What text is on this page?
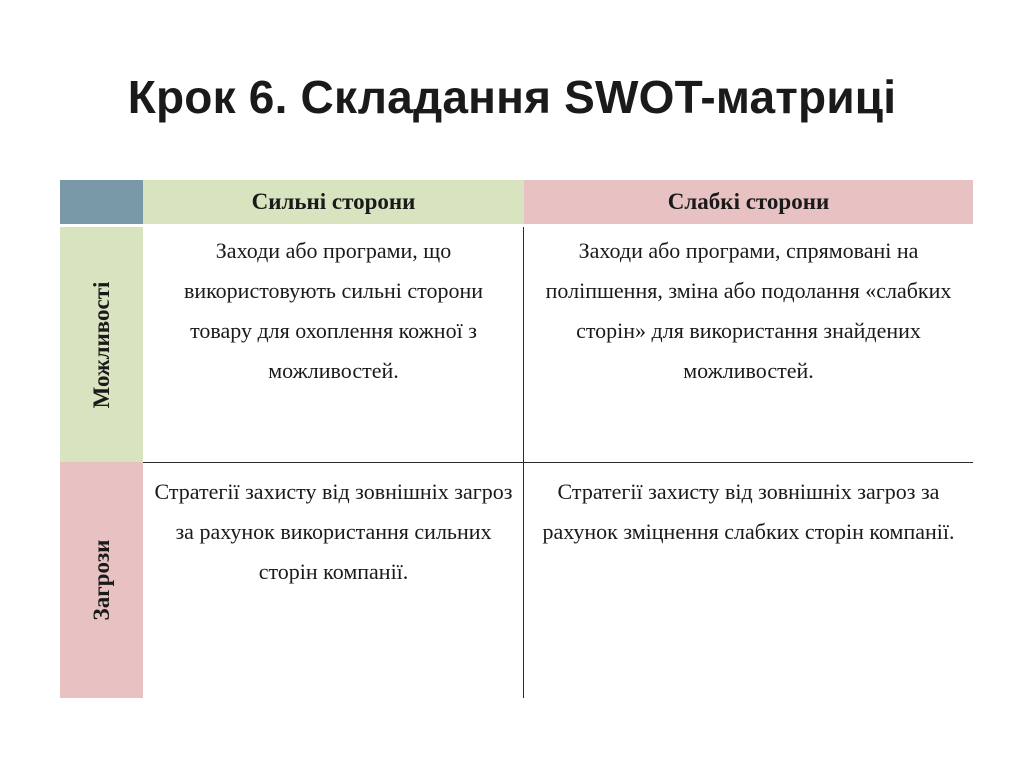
Крок 6. Складання SWOT-матриці
Сильні сторони	Слабкі сторони
Можливості
Загрози
Заходи або програми, що використовують сильні сторони товару для охоплення кожної з можливостей.
Заходи або програми, спрямовані на поліпшення, зміна або подолання «слабких сторін» для використання знайдених можливостей.
Стратегії захисту від зовнішніх загроз за рахунок використання сильних сторін компанії.
Стратегії захисту від зовнішніх загроз за рахунок зміцнення слабких сторін компанії.
